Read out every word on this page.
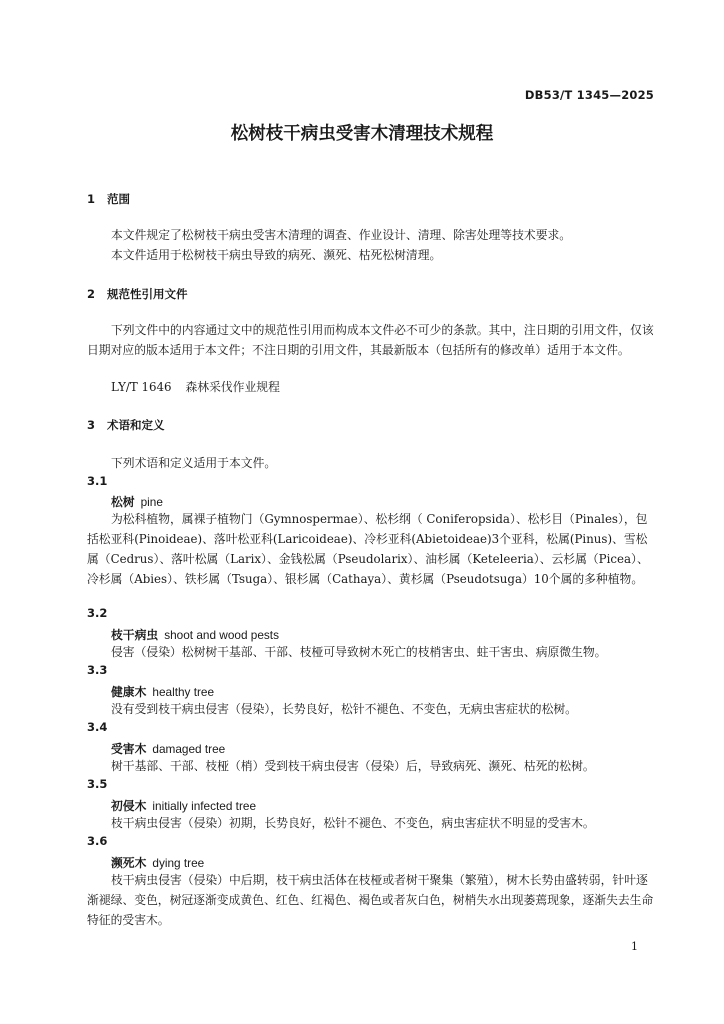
DB53/T 1345—2025
松树枝干病虫受害木清理技术规程
1 范围
本文件规定了松树枝干病虫受害木清理的调查、作业设计、清理、除害处理等技术要求。
本文件适用于松树枝干病虫导致的病死、濒死、枯死松树清理。
2 规范性引用文件
下列文件中的内容通过文中的规范性引用而构成本文件必不可少的条款。其中，注日期的引用文件，仅该日期对应的版本适用于本文件；不注日期的引用文件，其最新版本（包括所有的修改单）适用于本文件。
LY/T 1646 森林采伐作业规程
3 术语和定义
下列术语和定义适用于本文件。
3.1
松树 pine
为松科植物，属裸子植物门（Gymnospermae）、松杉纲（ Coniferopsida）、松杉目（Pinales），包括松亚科(Pinoideae)、落叶松亚科(Laricoideae)、冷杉亚科(Abietoideae)3个亚科，松属(Pinus)、雪松属（Cedrus）、落叶松属（Larix）、金钱松属（Pseudolarix）、油杉属（Keteleeria）、云杉属（Picea）、冷杉属（Abies）、铁杉属（Tsuga）、银杉属（Cathaya）、黄杉属（Pseudotsuga）10个属的多种植物。
3.2
枝干病虫 shoot and wood pests
侵害（侵染）松树树干基部、干部、枝桠可导致树木死亡的枝梢害虫、蛀干害虫、病原微生物。
3.3
健康木 healthy tree
没有受到枝干病虫侵害（侵染），长势良好，松针不褪色、不变色，无病虫害症状的松树。
3.4
受害木 damaged tree
树干基部、干部、枝桠（梢）受到枝干病虫侵害（侵染）后，导致病死、濒死、枯死的松树。
3.5
初侵木 initially infected tree
枝干病虫侵害（侵染）初期，长势良好，松针不褪色、不变色，病虫害症状不明显的受害木。
3.6
濒死木 dying tree
枝干病虫侵害（侵染）中后期，枝干病虫活体在枝桠或者树干聚集（繁殖），树木长势由盛转弱，针叶逐渐褪绿、变色，树冠逐渐变成黄色、红色、红褐色、褐色或者灰白色，树梢失水出现萎蔫现象，逐渐失去生命特征的受害木。
1
